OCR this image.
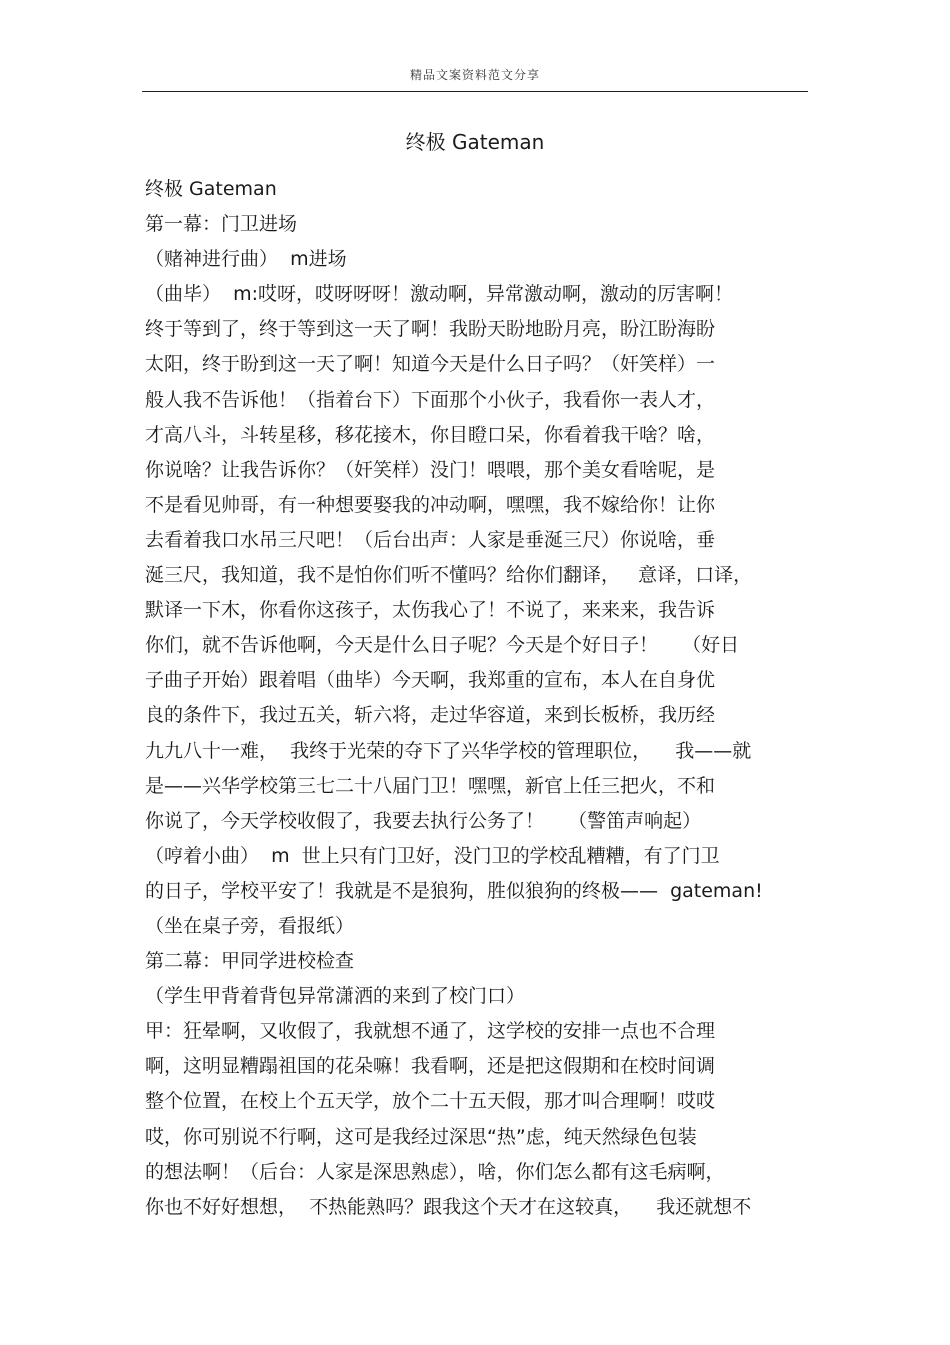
精品文案资料范文分享
终极 Gateman
终极 Gateman
第一幕：门卫进场
（赌神进行曲）  m进场
（曲毕）  m:哎呀，哎呀呀呀！激动啊，异常激动啊，激动的厉害啊！
终于等到了，终于等到这一天了啊！我盼天盼地盼月亮，盼江盼海盼
太阳，终于盼到这一天了啊！知道今天是什么日子吗？（奸笑样）一
般人我不告诉他！（指着台下）下面那个小伙子，我看你一表人才，
才高八斗，斗转星移，移花接木，你目瞪口呆，你看着我干啥？啥，
你说啥？让我告诉你？（奸笑样）没门！喂喂，那个美女看啥呢，是
不是看见帅哥，有一种想要娶我的冲动啊，嘿嘿，我不嫁给你！让你
去看着我口水吊三尺吧！（后台出声：人家是垂涎三尺）你说啥，垂
涎三尺，我知道，我不是怕你们听不懂吗？给你们翻译，   意译，口译，
默译一下木，你看你这孩子，太伤我心了！不说了，来来来，我告诉
你们，就不告诉他啊，今天是什么日子呢？今天是个好日子！    （好日
子曲子开始）跟着唱（曲毕）今天啊，我郑重的宣布，本人在自身优
良的条件下，我过五关，斩六将，走过华容道，来到长板桥，我历经
九九八十一难，  我终于光荣的夺下了兴华学校的管理职位，    我——就
是——兴华学校第三七二十八届门卫！嘿嘿，新官上任三把火，不和
你说了，今天学校收假了，我要去执行公务了！    （警笛声响起）
（哼着小曲）  m  世上只有门卫好，没门卫的学校乱糟糟，有了门卫
的日子，学校平安了！我就是不是狼狗，胜似狼狗的终极——  gateman!
（坐在桌子旁，看报纸）
第二幕：甲同学进校检查
（学生甲背着背包异常潇洒的来到了校门口）
甲：狂晕啊，又收假了，我就想不通了，这学校的安排一点也不合理
啊，这明显糟蹋祖国的花朵嘛！我看啊，还是把这假期和在校时间调
整个位置，在校上个五天学，放个二十五天假，那才叫合理啊！哎哎
哎，你可别说不行啊，这可是我经过深思“热”虑，纯天然绿色包装
的想法啊！（后台：人家是深思熟虑），啥，你们怎么都有这毛病啊，
你也不好好想想，  不热能熟吗？跟我这个天才在这较真，    我还就想不
